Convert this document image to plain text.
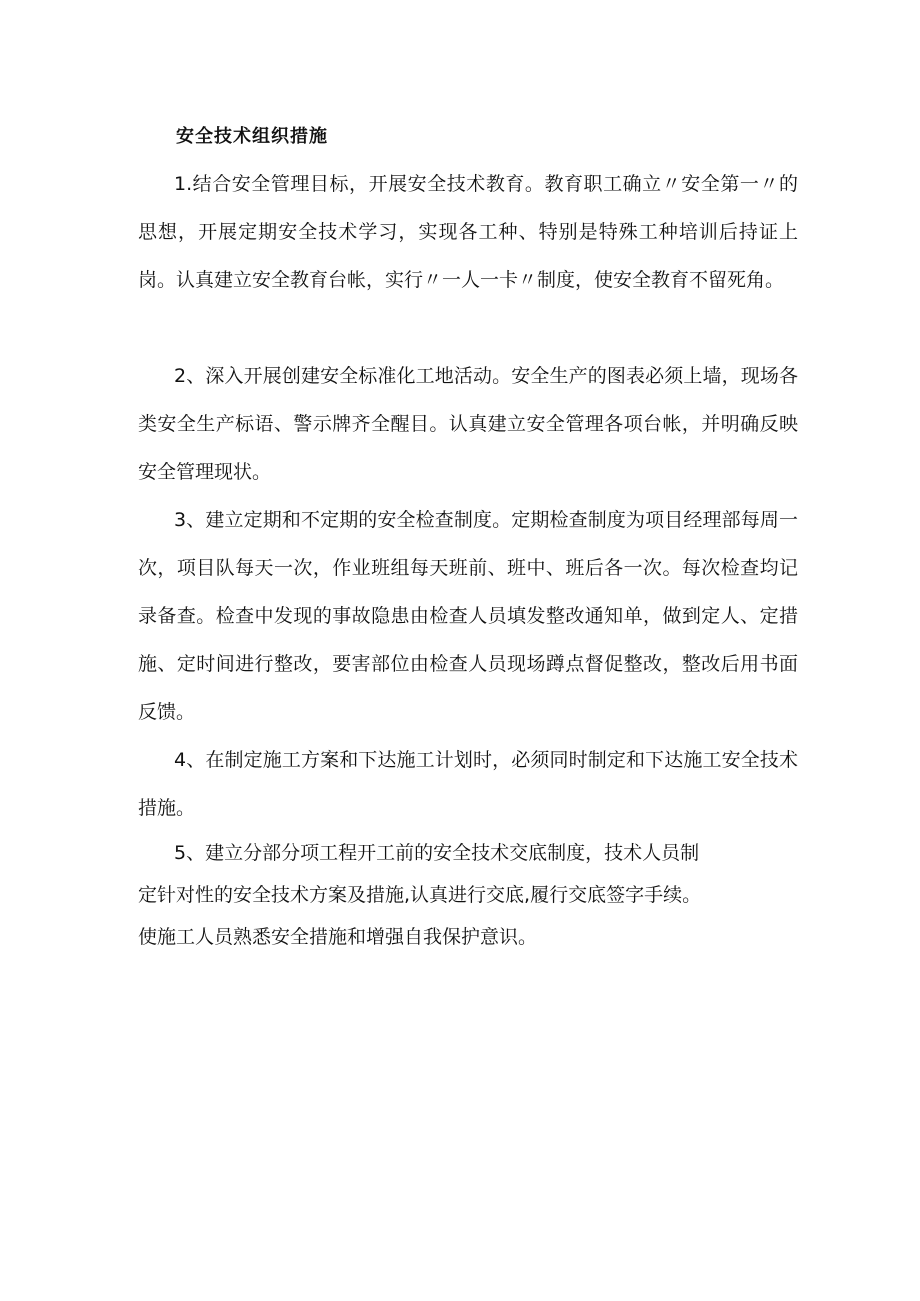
安全技术组织措施

1.结合安全管理目标，开展安全技术教育。教育职工确立〃安全第一〃的思想，开展定期安全技术学习，实现各工种、特别是特殊工种培训后持证上岗。认真建立安全教育台帐，实行〃一人一卡〃制度，使安全教育不留死角。

2、深入开展创建安全标准化工地活动。安全生产的图表必须上墙，现场各类安全生产标语、警示牌齐全醒目。认真建立安全管理各项台帐，并明确反映安全管理现状。

3、建立定期和不定期的安全检查制度。定期检查制度为项目经理部每周一次，项目队每天一次，作业班组每天班前、班中、班后各一次。每次检查均记录备查。检查中发现的事故隐患由检查人员填发整改通知单，做到定人、定措施、定时间进行整改，要害部位由检查人员现场蹲点督促整改，整改后用书面反馈。

4、在制定施工方案和下达施工计划时，必须同时制定和下达施工安全技术措施。

5、建立分部分项工程开工前的安全技术交底制度，技术人员制
定针对性的安全技术方案及措施,认真进行交底,履行交底签字手续。
使施工人员熟悉安全措施和增强自我保护意识。
